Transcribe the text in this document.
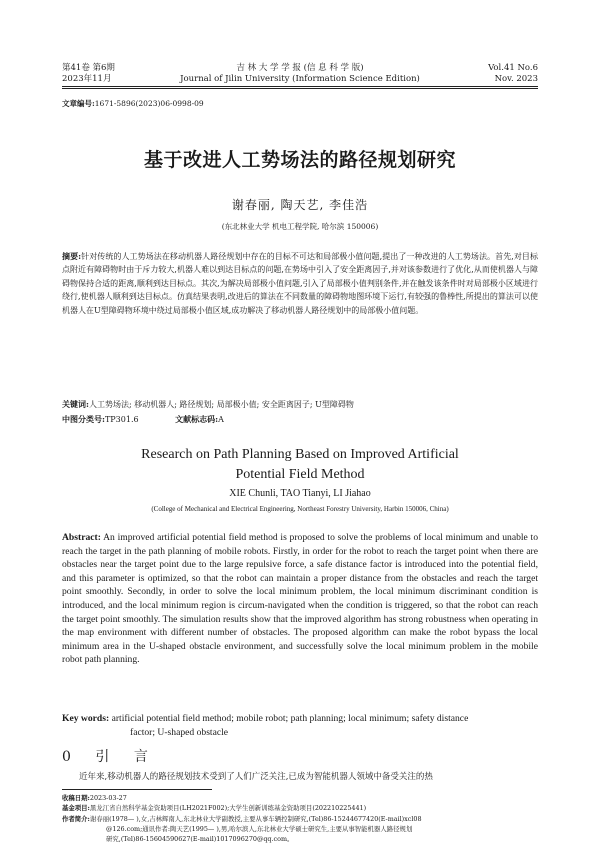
第41卷 第6期
2023年11月
吉 林 大 学 学 报 (信 息 科 学 版)
Journal of Jilin University (Information Science Edition)
Vol.41 No.6
Nov. 2023
文章编号:1671-5896(2023)06-0998-09
基于改进人工势场法的路径规划研究
谢春丽, 陶天艺, 李佳浩
(东北林业大学 机电工程学院, 哈尔滨 150006)
摘要:针对传统的人工势场法在移动机器人路径规划中存在的目标不可达和局部极小值问题,提出了一种改进的人工势场法。首先,对目标点附近有障碍物时由于斥力较大,机器人难以到达目标点的问题,在势场中引入了安全距离因子,并对该参数进行了优化,从而使机器人与障碍物保持合适的距离,顺利到达目标点。其次,为解决局部极小值问题,引入了局部极小值判别条件,并在触发该条件时对局部极小区域进行绕行,使机器人顺利到达目标点。仿真结果表明,改进后的算法在不同数量的障碍物地图环境下运行,有较强的鲁棒性,所提出的算法可以使机器人在U型障碍物环境中绕过局部极小值区域,成功解决了移动机器人路径规划中的局部极小值问题。
关键词:人工势场法; 移动机器人; 路径规划; 局部极小值; 安全距离因子; U型障碍物
中图分类号:TP301.6	文献标志码:A
Research on Path Planning Based on Improved Artificial
Potential Field Method
XIE Chunli, TAO Tianyi, LI Jiahao
(College of Mechanical and Electrical Engineering, Northeast Forestry University, Harbin 150006, China)
Abstract: An improved artificial potential field method is proposed to solve the problems of local minimum and unable to reach the target in the path planning of mobile robots. Firstly, in order for the robot to reach the target point when there are obstacles near the target point due to the large repulsive force, a safe distance factor is introduced into the potential field, and this parameter is optimized, so that the robot can maintain a proper distance from the obstacles and reach the target point smoothly. Secondly, in order to solve the local minimum problem, the local minimum discriminant condition is introduced, and the local minimum region is circum-navigated when the condition is triggered, so that the robot can reach the target point smoothly. The simulation results show that the improved algorithm has strong robustness when operating in the map environment with different number of obstacles. The proposed algorithm can make the robot bypass the local minimum area in the U-shaped obstacle environment, and successfully solve the local minimum problem in the mobile robot path planning.
Key words: artificial potential field method; mobile robot; path planning; local minimum; safety distance
factor; U-shaped obstacle
0 引 言
近年来,移动机器人的路径规划技术受到了人们广泛关注,已成为智能机器人领域中备受关注的热
收稿日期:2023-03-27
基金项目:黑龙江省自然科学基金资助项目(LH2021F002);大学生创新训练基金资助项目(202210225441)
作者简介:谢春丽(1978— ),女,吉林辉南人,东北林业大学副教授,主要从事车辆控制研究,(Tel)86-15244677420(E-mail)xcl08
@126.com;通讯作者:陶天艺(1995— ),男,哈尔滨人,东北林业大学硕士研究生,主要从事智能机器人路径规划
研究,(Tel)86-15604590627(E-mail)1017096270@qq.com。
